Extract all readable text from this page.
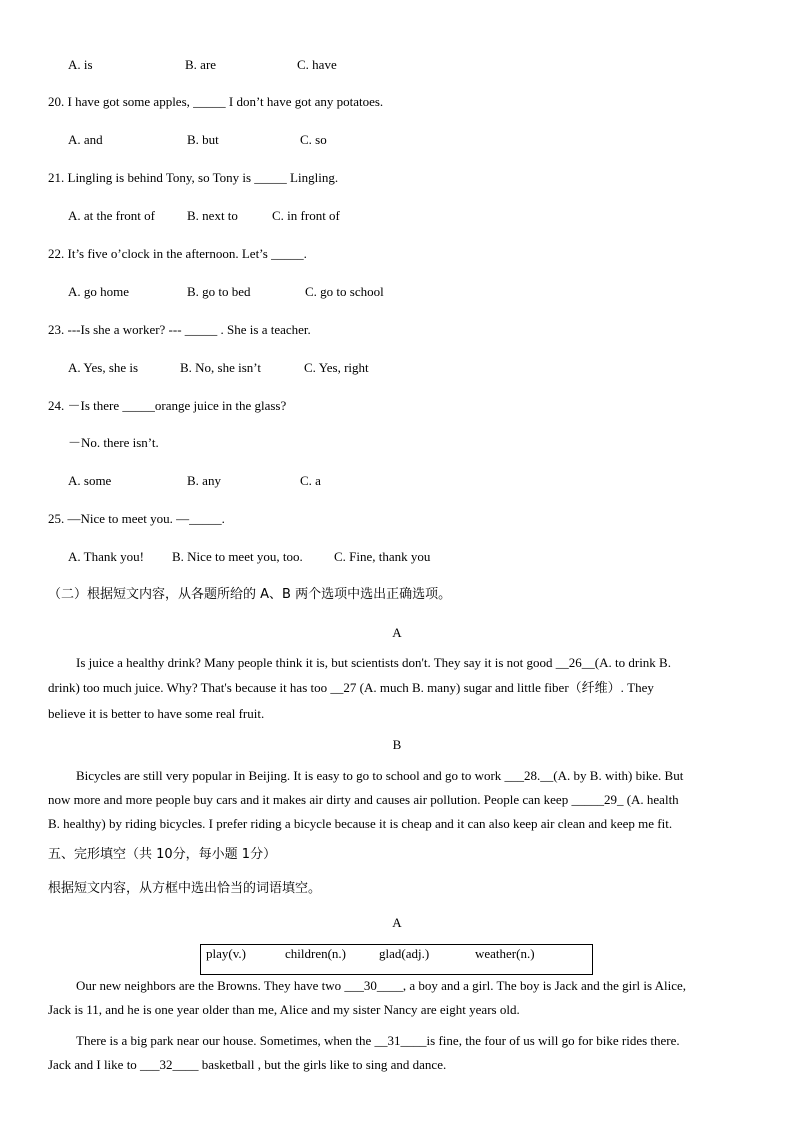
A. is	B. are	C. have
20. I have got some apples, _____ I don’t have got any potatoes.
A. and	B. but	C. so
21. Lingling is behind Tony, so Tony is _____ Lingling.
A. at the front of B. next to	C. in front of
22. It’s five o’clock in the afternoon. Let’s _____.
A. go home	B. go to bed	C. go to school
23. ---Is she a worker? --- _____ . She is a teacher.
A. Yes, she is	B. No, she isn’t	C. Yes, right
24. －Is there _____orange juice in the glass?
－No. there isn’t.
A. some	B. any	C. a
25. —Nice to meet you. —_____.
A. Thank you! B. Nice to meet you, too. C. Fine, thank you
（二）根据短文内容，从各题所给的 A、B 两个选项中选出正确选项。
A
Is juice a healthy drink? Many people think it is, but scientists don't. They say it is not good __26__(A. to drink B.
drink) too much juice. Why? That's because it has too __27 (A. much B. many) sugar and little fiber（纤维）. They
believe it is better to have some real fruit.
B
Bicycles are still very popular in Beijing. It is easy to go to school and go to work ___28.__(A. by B. with) bike. But
now more and more people buy cars and it makes air dirty and causes air pollution. People can keep _____29_ (A. health
B. healthy) by riding bicycles. I prefer riding a bicycle because it is cheap and it can also keep air clean and keep me fit.
五、完形填空（共 10分，每小题 1分）
根据短文内容，从方框中选出恰当的词语填空。
A
play(v.)	children(n.)	glad(adj.)	weather(n.)
Our new neighbors are the Browns. They have two ___30____, a boy and a girl. The boy is Jack and the girl is Alice,
Jack is 11, and he is one year older than me, Alice and my sister Nancy are eight years old.
There is a big park near our house. Sometimes, when the __31____is fine, the four of us will go for bike rides there.
Jack and I like to ___32____ basketball , but the girls like to sing and dance.
